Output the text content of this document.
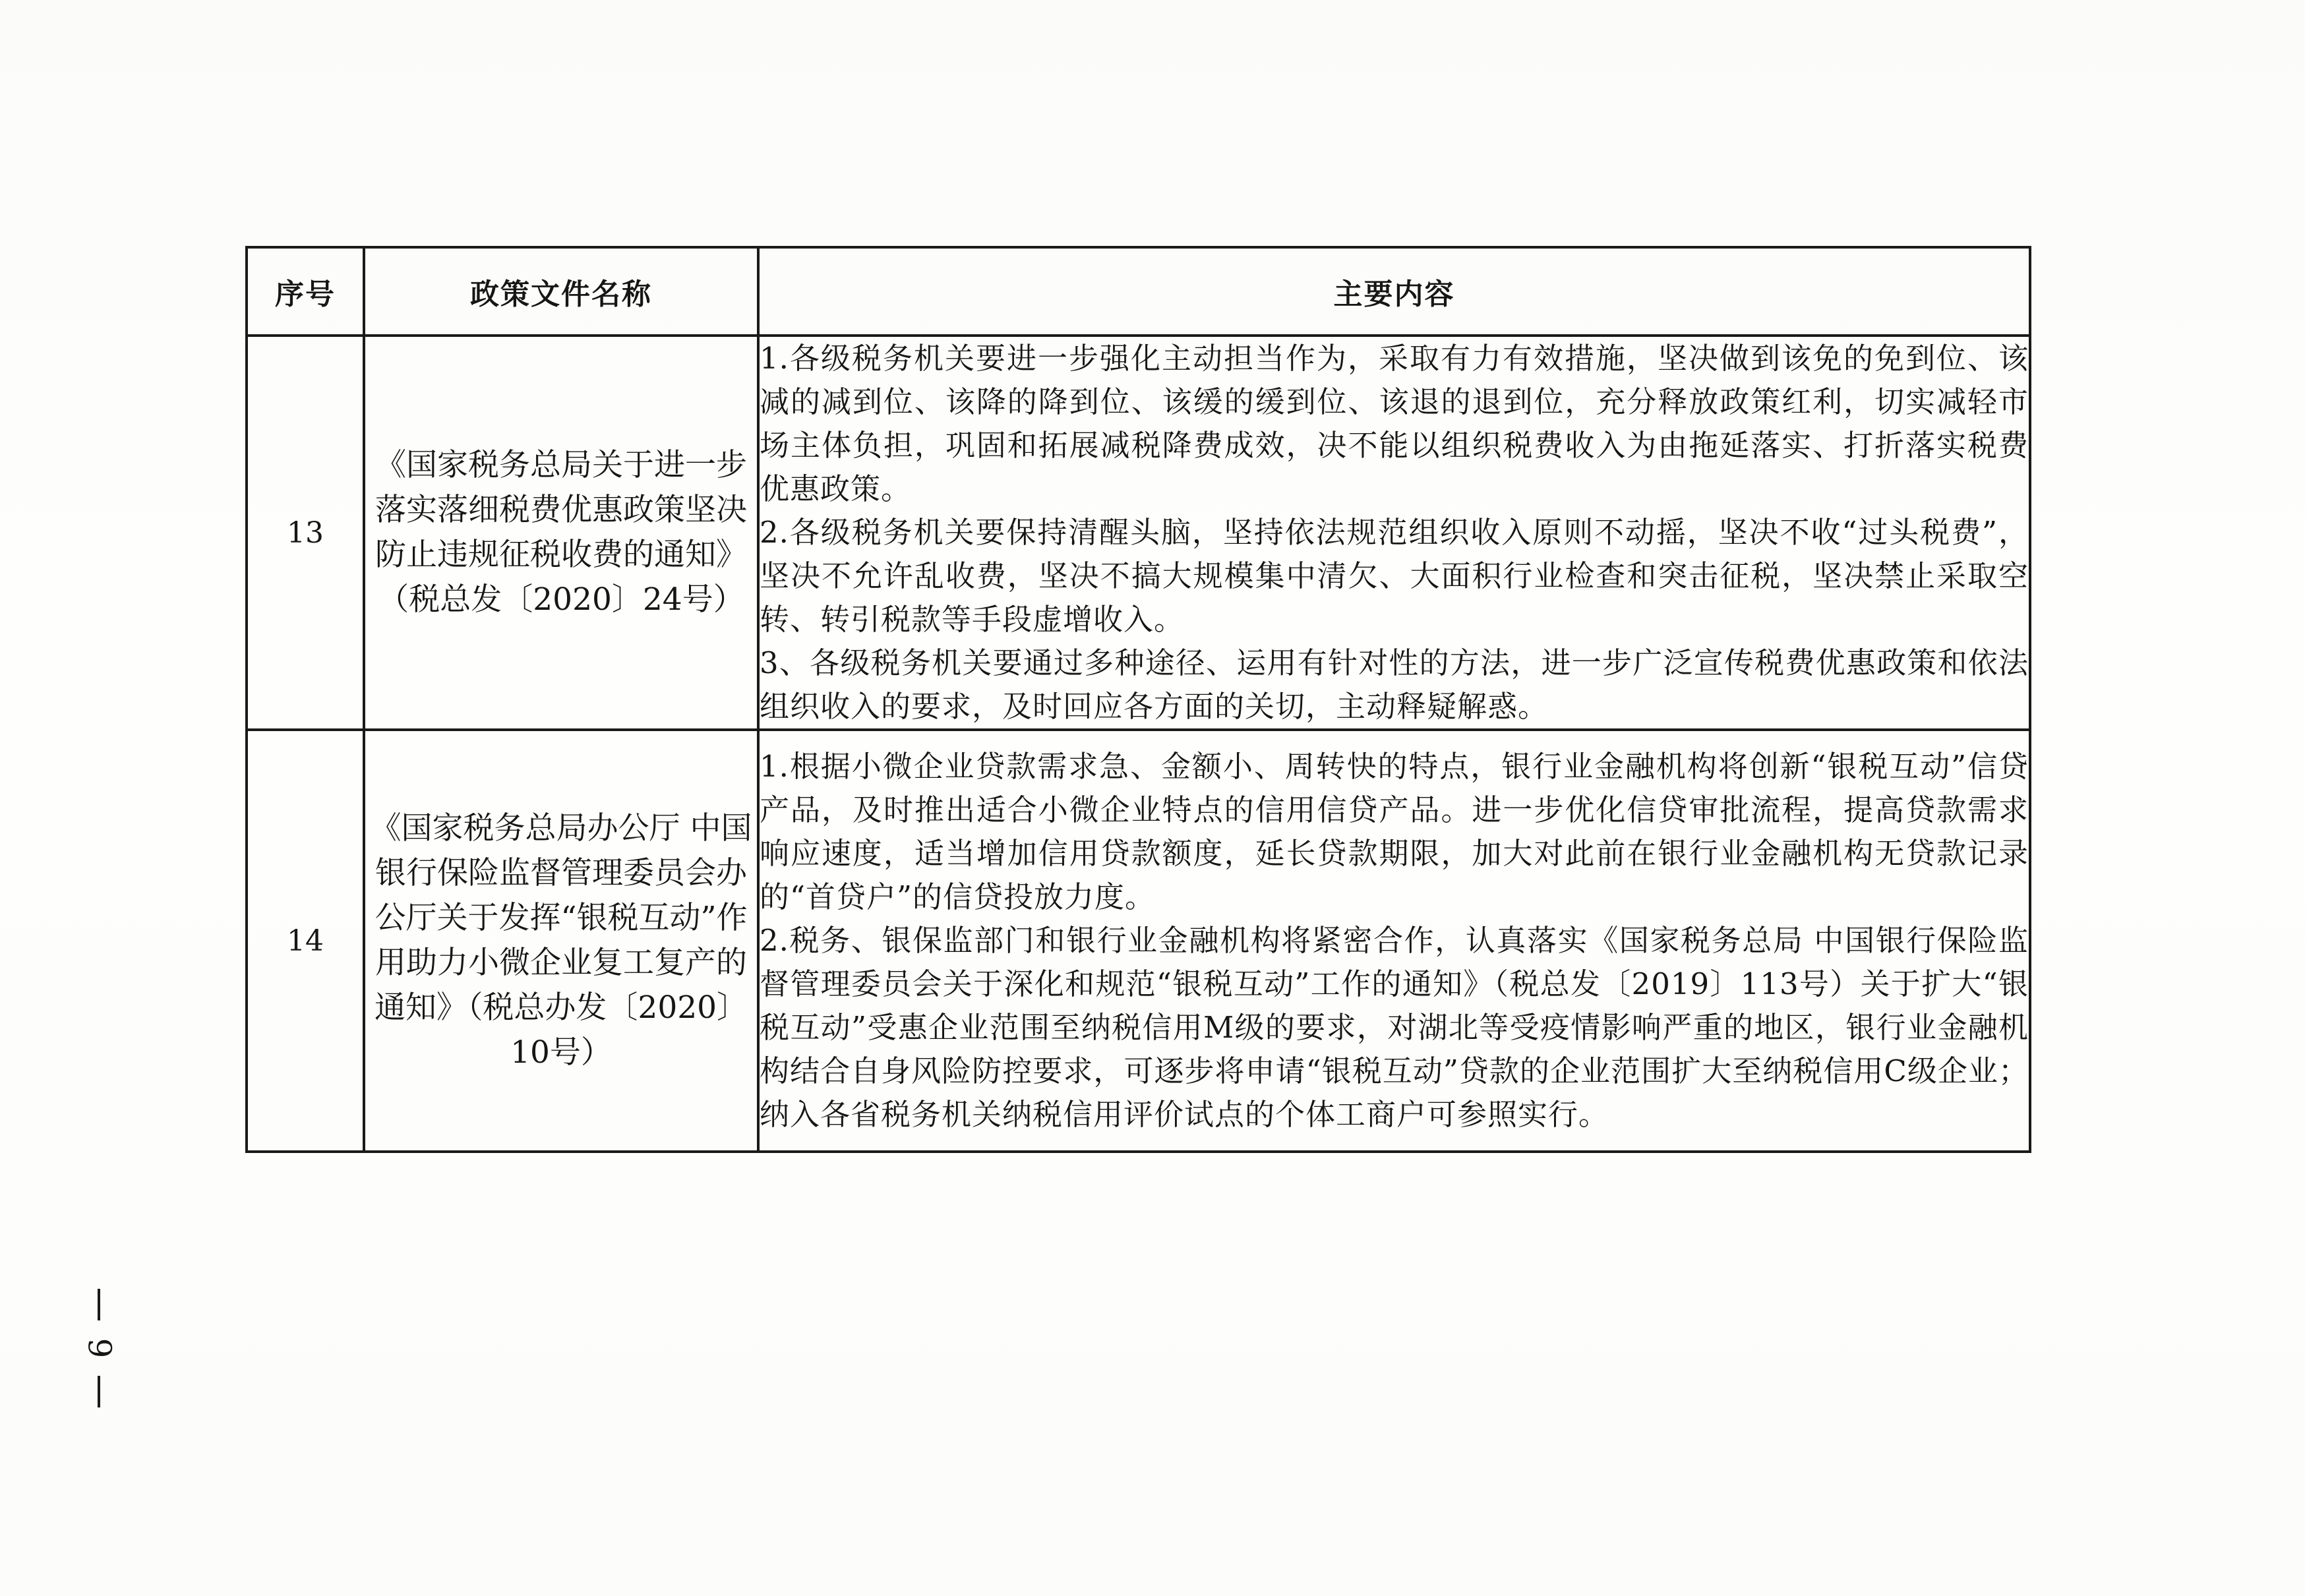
序号	政策文件名称	主要内容
13	《国家税务总局关于进一步落实落细税费优惠政策坚决防止违规征税收费的通知》（税总发〔2020〕24号）	1.各级税务机关要进一步强化主动担当作为，采取有力有效措施，坚决做到该免的免到位、该减的减到位、该降的降到位、该缓的缓到位、该退的退到位，充分释放政策红利，切实减轻市场主体负担，巩固和拓展减税降费成效，决不能以组织税费收入为由拖延落实、打折落实税费优惠政策。

2.各级税务机关要保持清醒头脑，坚持依法规范组织收入原则不动摇，坚决不收“过头税费”，坚决不允许乱收费，坚决不搞大规模集中清欠、大面积行业检查和突击征税，坚决禁止采取空转、转引税款等手段虚增收入。

3、各级税务机关要通过多种途径、运用有针对性的方法，进一步广泛宣传税费优惠政策和依法组织收入的要求，及时回应各方面的关切，主动释疑解惑。

14	《国家税务总局办公厅 中国银行保险监督管理委员会办公厅关于发挥“银税互动”作用助力小微企业复工复产的通知》（税总办发〔2020〕10号）	1.根据小微企业贷款需求急、金额小、周转快的特点，银行业金融机构将创新“银税互动”信贷产品，及时推出适合小微企业特点的信用信贷产品。进一步优化信贷审批流程，提高贷款需求响应速度，适当增加信用贷款额度，延长贷款期限，加大对此前在银行业金融机构无贷款记录的“首贷户”的信贷投放力度。

2.税务、银保监部门和银行业金融机构将紧密合作，认真落实《国家税务总局 中国银行保险监督管理委员会关于深化和规范“银税互动”工作的通知》（税总发〔2019〕113号）关于扩大“银税互动”受惠企业范围至纳税信用M级的要求，对湖北等受疫情影响严重的地区，银行业金融机构结合自身风险防控要求，可逐步将申请“银税互动”贷款的企业范围扩大至纳税信用C级企业；纳入各省税务机关纳税信用评价试点的个体工商户可参照实行。

9
